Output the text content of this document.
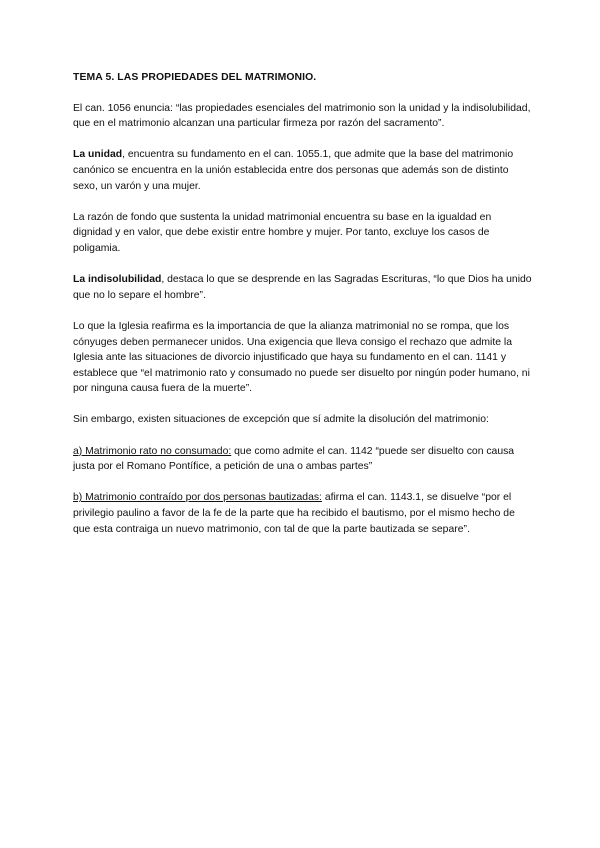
TEMA 5. LAS PROPIEDADES DEL MATRIMONIO.

El can. 1056 enuncia: “las propiedades esenciales del matrimonio son la unidad y la indisolubilidad, que en el matrimonio alcanzan una particular firmeza por razón del sacramento”.

La unidad, encuentra su fundamento en el can. 1055.1, que admite que la base del matrimonio canónico se encuentra en la unión establecida entre dos personas que además son de distinto sexo, un varón y una mujer.

La razón de fondo que sustenta la unidad matrimonial encuentra su base en la igualdad en dignidad y en valor, que debe existir entre hombre y mujer. Por tanto, excluye los casos de poligamia.

La indisolubilidad, destaca lo que se desprende en las Sagradas Escrituras, “lo que Dios ha unido que no lo separe el hombre”.

Lo que la Iglesia reafirma es la importancia de que la alianza matrimonial no se rompa, que los cónyuges deben permanecer unidos. Una exigencia que lleva consigo el rechazo que admite la Iglesia ante las situaciones de divorcio injustificado que haya su fundamento en el can. 1141 y establece que “el matrimonio rato y consumado no puede ser disuelto por ningún poder humano, ni por ninguna causa fuera de la muerte”.

Sin embargo, existen situaciones de excepción que sí admite la disolución del matrimonio:

a) Matrimonio rato no consumado: que como admite el can. 1142 “puede ser disuelto con causa justa por el Romano Pontífice, a petición de una o ambas partes”

b) Matrimonio contraído por dos personas bautizadas: afirma el can. 1143.1, se disuelve “por el privilegio paulino a favor de la fe de la parte que ha recibido el bautismo, por el mismo hecho de que esta contraiga un nuevo matrimonio, con tal de que la parte bautizada se separe”.
